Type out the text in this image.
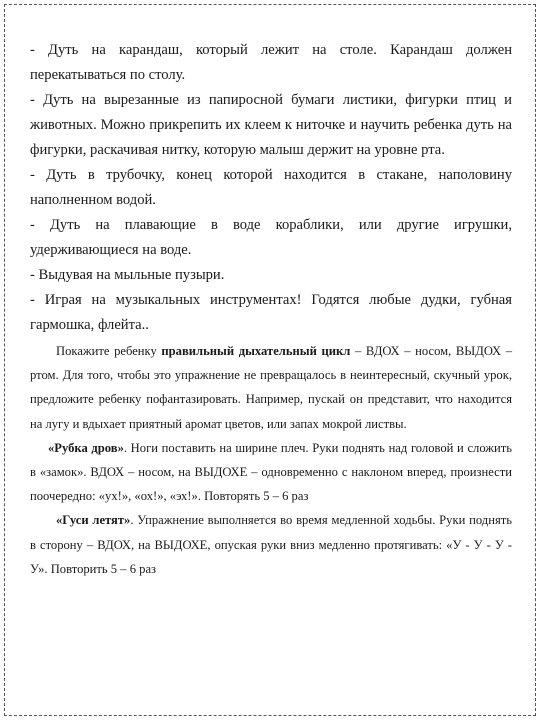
- Дуть на карандаш, который лежит на столе. Карандаш должен перекатываться по столу.

- Дуть на вырезанные из папиросной бумаги листики, фигурки птиц и животных. Можно прикрепить их клеем к ниточке и научить ребенка дуть на фигурки, раскачивая нитку, которую малыш держит на уровне рта.

- Дуть в трубочку, конец которой находится в стакане, наполовину наполненном водой.

- Дуть на плавающие в воде кораблики, или другие игрушки, удерживающиеся на воде.

- Выдувая на мыльные пузыри.

- Играя на музыкальных инструментах! Годятся любые дудки, губная гармошка, флейта..

Покажите ребенку правильный дыхательный цикл – ВДОХ – носом, ВЫДОХ – ртом. Для того, чтобы это упражнение не превращалось в неинтересный, скучный урок, предложите ребенку пофантазировать. Например, пускай он представит, что находится на лугу и вдыхает приятный аромат цветов, или запах мокрой листвы.

«Рубка дров». Ноги поставить на ширине плеч. Руки поднять над головой и сложить в «замок». ВДОХ – носом, на ВЫДОХЕ – одновременно с наклоном вперед, произнести поочередно: «ух!», «ох!», «эх!». Повторять 5 – 6 раз

«Гуси летят». Упражнение выполняется во время медленной ходьбы. Руки поднять в сторону – ВДОХ, на ВЫДОХЕ, опуская руки вниз медленно протягивать: «У - У - У - У». Повторить 5 – 6 раз
